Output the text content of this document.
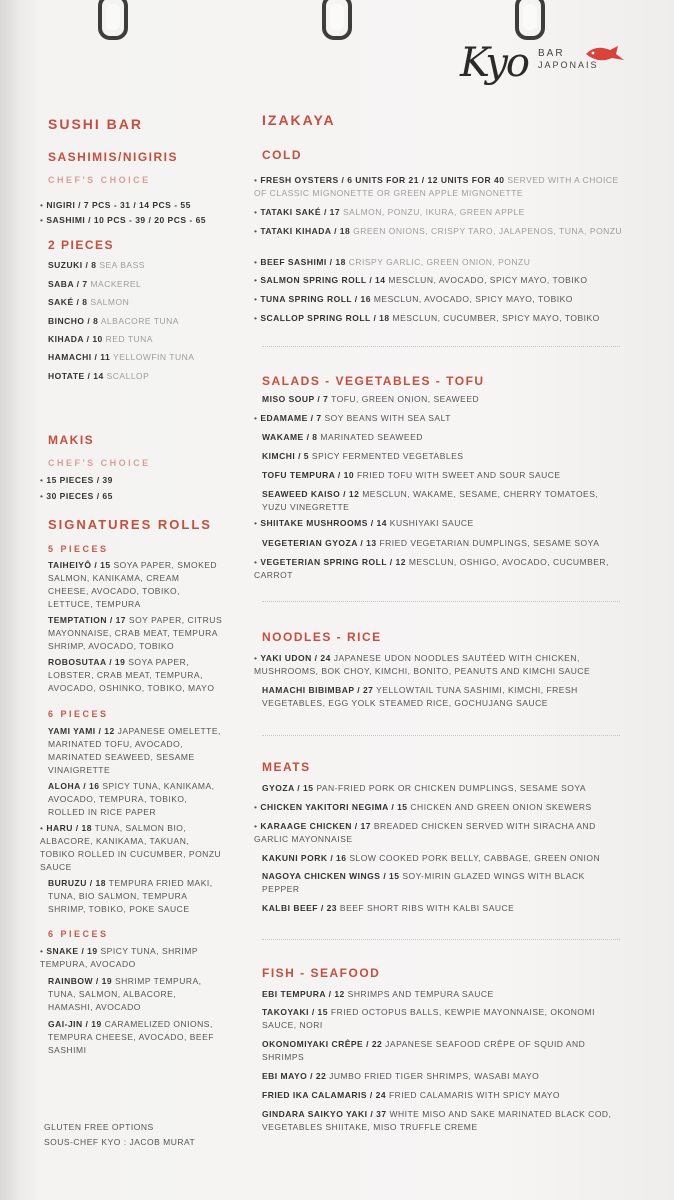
Kyo BAR
JAPONAIS
SUSHI BAR
SASHIMIS/NIGIRIS
CHEF'S CHOICE
• NIGIRI / 7 PCS - 31 / 14 PCS - 55
• SASHIMI / 10 PCS - 39 / 20 PCS - 65
2 PIECES
SUZUKI / 8 SEA BASS
SABA / 7 MACKEREL
SAKÉ / 8 SALMON
BINCHO / 8 ALBACORE TUNA
KIHADA / 10 RED TUNA
HAMACHI / 11 YELLOWFIN TUNA
HOTATE / 14 SCALLOP
MAKIS
CHEF'S CHOICE
• 15 PIECES / 39
• 30 PIECES / 65
SIGNATURES ROLLS
5 PIECES
TAIHEIYÔ / 15 SOYA PAPER, SMOKED SALMON, KANIKAMA, CREAM CHEESE, AVOCADO, TOBIKO, LETTUCE, TEMPURA
TEMPTATION / 17 SOY PAPER, CITRUS MAYONNAISE, CRAB MEAT, TEMPURA SHRIMP, AVOCADO, TOBIKO
ROBOSUTAA / 19 SOYA PAPER, LOBSTER, CRAB MEAT, TEMPURA, AVOCADO, OSHINKO, TOBIKO, MAYO
6 PIECES
YAMI YAMI / 12 JAPANESE OMELETTE, MARINATED TOFU, AVOCADO, MARINATED SEAWEED, SESAME VINAIGRETTE
ALOHA / 16 SPICY TUNA, KANIKAMA, AVOCADO, TEMPURA, TOBIKO, ROLLED IN RICE PAPER
• HARU / 18 TUNA, SALMON BIO, ALBACORE, KANIKAMA, TAKUAN, TOBIKO ROLLED IN CUCUMBER, PONZU SAUCE
BURUZU / 18 TEMPURA FRIED MAKI, TUNA, BIO SALMON, TEMPURA SHRIMP, TOBIKO, POKE SAUCE
6 PIECES
• SNAKE / 19 SPICY TUNA, SHRIMP TEMPURA, AVOCADO
RAINBOW / 19 SHRIMP TEMPURA, TUNA, SALMON, ALBACORE, HAMASHI, AVOCADO
GAI-JIN / 19 CARAMELIZED ONIONS, TEMPURA CHEESE, AVOCADO, BEEF SASHIMI
GLUTEN FREE OPTIONS
SOUS-CHEF KYO : JACOB MURAT
IZAKAYA
COLD
• FRESH OYSTERS / 6 UNITS FOR 21 / 12 UNITS FOR 40 SERVED WITH A CHOICE OF CLASSIC MIGNONETTE OR GREEN APPLE MIGNONETTE
• TATAKI SAKÉ / 17 SALMON, PONZU, IKURA, GREEN APPLE
• TATAKI KIHADA / 18 GREEN ONIONS, CRISPY TARO, JALAPENOS, TUNA, PONZU
• BEEF SASHIMI / 18 CRISPY GARLIC, GREEN ONION, PONZU
• SALMON SPRING ROLL / 14 MESCLUN, AVOCADO, SPICY MAYO, TOBIKO
• TUNA SPRING ROLL / 16 MESCLUN, AVOCADO, SPICY MAYO, TOBIKO
• SCALLOP SPRING ROLL / 18 MESCLUN, CUCUMBER, SPICY MAYO, TOBIKO
SALADS - VEGETABLES - TOFU
MISO SOUP / 7 TOFU, GREEN ONION, SEAWEED
• EDAMAME / 7 SOY BEANS WITH SEA SALT
WAKAME / 8 MARINATED SEAWEED
KIMCHI / 5 SPICY FERMENTED VEGETABLES
TOFU TEMPURA / 10 FRIED TOFU WITH SWEET AND SOUR SAUCE
SEAWEED KAISO / 12 MESCLUN, WAKAME, SESAME, CHERRY TOMATOES, YUZU VINEGRETTE
• SHIITAKE MUSHROOMS / 14 KUSHIYAKI SAUCE
VEGETERIAN GYOZA / 13 FRIED VEGETARIAN DUMPLINGS, SESAME SOYA
• VEGETERIAN SPRING ROLL / 12 MESCLUN, OSHIGO, AVOCADO, CUCUMBER, CARROT
NOODLES - RICE
• YAKI UDON / 24 JAPANESE UDON NOODLES SAUTÉED WITH CHICKEN, MUSHROOMS, BOK CHOY, KIMCHI, BONITO, PEANUTS AND KIMCHI SAUCE
HAMACHI BIBIMBAP / 27 YELLOWTAIL TUNA SASHIMI, KIMCHI, FRESH VEGETABLES, EGG YOLK STEAMED RICE, GOCHUJANG SAUCE
MEATS
GYOZA / 15 PAN-FRIED PORK OR CHICKEN DUMPLINGS, SESAME SOYA
• CHICKEN YAKITORI NEGIMA / 15 CHICKEN AND GREEN ONION SKEWERS
• KARAAGE CHICKEN / 17 BREADED CHICKEN SERVED WITH SIRACHA AND GARLIC MAYONNAISE
KAKUNI PORK / 16 SLOW COOKED PORK BELLY, CABBAGE, GREEN ONION
NAGOYA CHICKEN WINGS / 15 SOY-MIRIN GLAZED WINGS WITH BLACK PEPPER
KALBI BEEF / 23 BEEF SHORT RIBS WITH KALBI SAUCE
FISH - SEAFOOD
EBI TEMPURA / 12 SHRIMPS AND TEMPURA SAUCE
TAKOYAKI / 15 FRIED OCTOPUS BALLS, KEWPIE MAYONNAISE, OKONOMI SAUCE, NORI
OKONOMIYAKI CRÊPE / 22 JAPANESE SEAFOOD CRÊPE OF SQUID AND SHRIMPS
EBI MAYO / 22 JUMBO FRIED TIGER SHRIMPS, WASABI MAYO
FRIED IKA CALAMARIS / 24 FRIED CALAMARIS WITH SPICY MAYO
GINDARA SAIKYO YAKI / 37 WHITE MISO AND SAKE MARINATED BLACK COD, VEGETABLES SHIITAKE, MISO TRUFFLE CREME
